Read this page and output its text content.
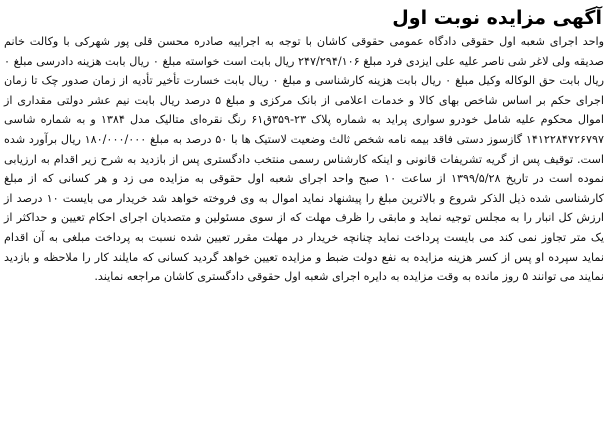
آگهی مزایده نوبت اول

واحد اجرای شعبه اول حقوقی دادگاه عمومی حقوقی کاشان با توجه به اجراییه صادره محسن قلی پور شهرکی با وکالت خانم صدیقه ولی لاغر شی ناصر علیه علی ایزدی فرد مبلغ ۲۴۷/۲۹۴/۱۰۶ ریال بابت است خواسته مبلغ ۰ ریال بابت هزینه دادرسی مبلغ ۰ ریال بابت حق الوکاله وکیل مبلغ ۰ ریال بابت هزینه کارشناسی و مبلغ ۰ ریال بابت خسارت تأخیر تأدیه از زمان صدور چک تا زمان اجرای حکم بر اساس شاخص بهای کالا و خدمات اعلامی از بانک مرکزی و مبلغ ۵ درصد ریال بابت نیم عشر دولتی مقداری از اموال محکوم علیه شامل خودرو سواری پراید به شماره پلاک ۲۳-۳۵۹ق۶۱ رنگ نقره‌ای متالیک مدل ۱۳۸۴ و به شماره شاسی ۱۴۱۲۲۸۴۷۲۶۷۹۷ گازسوز دستی فاقد بیمه نامه شخص ثالث وضعیت لاستیک ها با ۵۰ درصد به مبلغ ۱۸۰/۰۰۰/۰۰۰ ریال برآورد شده است. توقیف پس از گریه تشریفات قانونی و اینکه کارشناس رسمی منتخب دادگستری پس از بازدید به شرح زیر اقدام به ارزیابی نموده است در تاریخ ۱۳۹۹/۵/۲۸ از ساعت ۱۰ صبح واحد اجرای شعبه اول حقوقی به مزایده می زد و هر کسانی که از مبلغ کارشناسی شده ذیل الذکر شروع و بالاترین مبلغ را پیشنهاد نماید اموال به وی فروخته خواهد شد خریدار می بایست ۱۰ درصد از ارزش کل انبار را به مجلس توجیه نماید و مابقی را ظرف مهلت که از سوی مسئولین و متصدیان اجرای احکام تعیین و حداکثر از یک متر تجاوز نمی کند می بایست پرداخت نماید چنانچه خریدار در مهلت مقرر تعیین شده نسبت به پرداخت مبلغی به آن اقدام نماید سپرده او پس از کسر هزینه مزایده به نفع دولت ضبط و مزایده تعیین خواهد گردید کسانی که مایلند کار را ملاحظه و بازدید نمایند می توانند ۵ روز مانده به وقت مزایده به دایره اجرای شعبه اول حقوقی دادگستری کاشان مراجعه نمایند.
